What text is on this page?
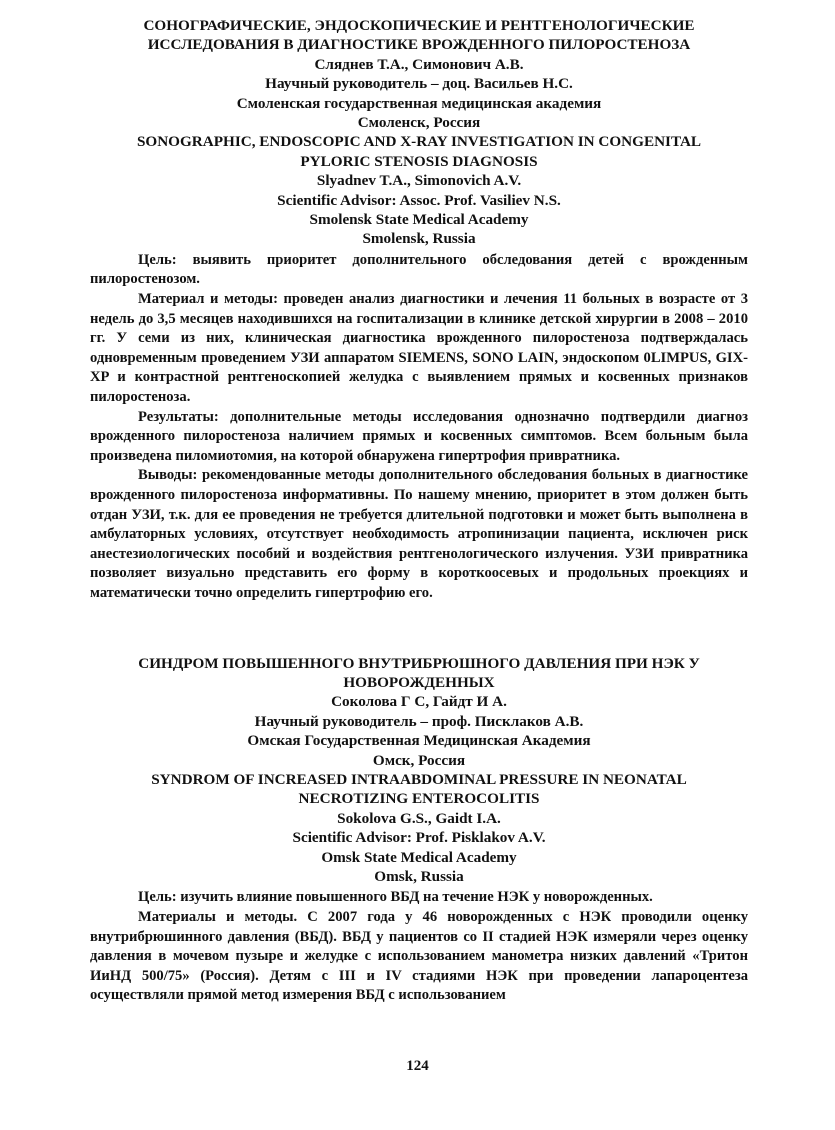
СОНОГРАФИЧЕСКИЕ, ЭНДОСКОПИЧЕСКИЕ И РЕНТГЕНОЛОГИЧЕСКИЕ

ИССЛЕДОВАНИЯ В ДИАГНОСТИКЕ ВРОЖДЕННОГО ПИЛОРОСТЕНОЗА

Сляднев Т.А., Симонович А.В.

Научный руководитель – доц. Васильев Н.С.

Смоленская государственная медицинская академия

Смоленск, Россия

SONOGRAPHIC, ENDOSCOPIC AND X-RAY INVESTIGATION IN CONGENITAL

PYLORIC STENOSIS DIAGNOSIS

Slyadnev T.A., Simonovich A.V.

Scientific Advisor: Assoc. Prof. Vasiliev N.S.

Smolensk State Medical Academy

Smolensk, Russia

Цель: выявить приоритет дополнительного обследования детей с врожденным пилоростенозом.

Материал и методы: проведен анализ диагностики и лечения 11 больных в возрасте от 3 недель до 3,5 месяцев находившихся на госпитализации в клинике детской хирургии в 2008 – 2010 гг. У семи из них, клиническая диагностика врожденного пилоростеноза подтверждалась одновременным проведением УЗИ аппаратом SIEMENS, SONO LAIN, эндоскопом 0LIMPUS, GIX-XP и контрастной рентгеноскопией желудка с выявлением прямых и косвенных признаков пилоростеноза.

Результаты: дополнительные методы исследования однозначно подтвердили диагноз врожденного пилоростеноза наличием прямых и косвенных симптомов. Всем больным была произведена пиломиотомия, на которой обнаружена гипертрофия привратника.

Выводы: рекомендованные методы дополнительного обследования больных в диагностике врожденного пилоростеноза информативны. По нашему мнению, приоритет в этом должен быть отдан УЗИ, т.к. для ее проведения не требуется длительной подготовки и может быть выполнена в амбулаторных условиях, отсутствует необходимость атропинизации пациента, исключен риск анестезиологических пособий и воздействия рентгенологического излучения. УЗИ привратника позволяет визуально представить его форму в короткоосевых и продольных проекциях и математически точно определить гипертрофию его.

СИНДРОМ ПОВЫШЕННОГО ВНУТРИБРЮШНОГО ДАВЛЕНИЯ ПРИ НЭК У

НОВОРОЖДЕННЫХ

Соколова Г С, Гайдт И А.

Научный руководитель – проф. Писклаков А.В.

Омская Государственная Медицинская Академия

Омск, Россия

SYNDROM OF INCREASED INTRAABDOMINAL PRESSURE IN NEONATAL

NECROTIZING ENTEROCOLITIS

Sokolova G.S., Gaidt I.A.

Scientific Advisor: Prof. Pisklakov A.V.

Omsk State Medical Academy

Omsk, Russia

Цель: изучить влияние повышенного ВБД на течение НЭК у новорожденных.

Материалы и методы. С 2007 года у 46 новорожденных с НЭК проводили оценку внутрибрюшинного давления (ВБД). ВБД у пациентов со II стадией НЭК измеряли через оценку давления в мочевом пузыре и желудке с использованием манометра низких давлений «Тритон ИиНД 500/75» (Россия). Детям с III и IV стадиями НЭК при проведении лапароцентеза осуществляли прямой метод измерения ВБД с использованием

124
